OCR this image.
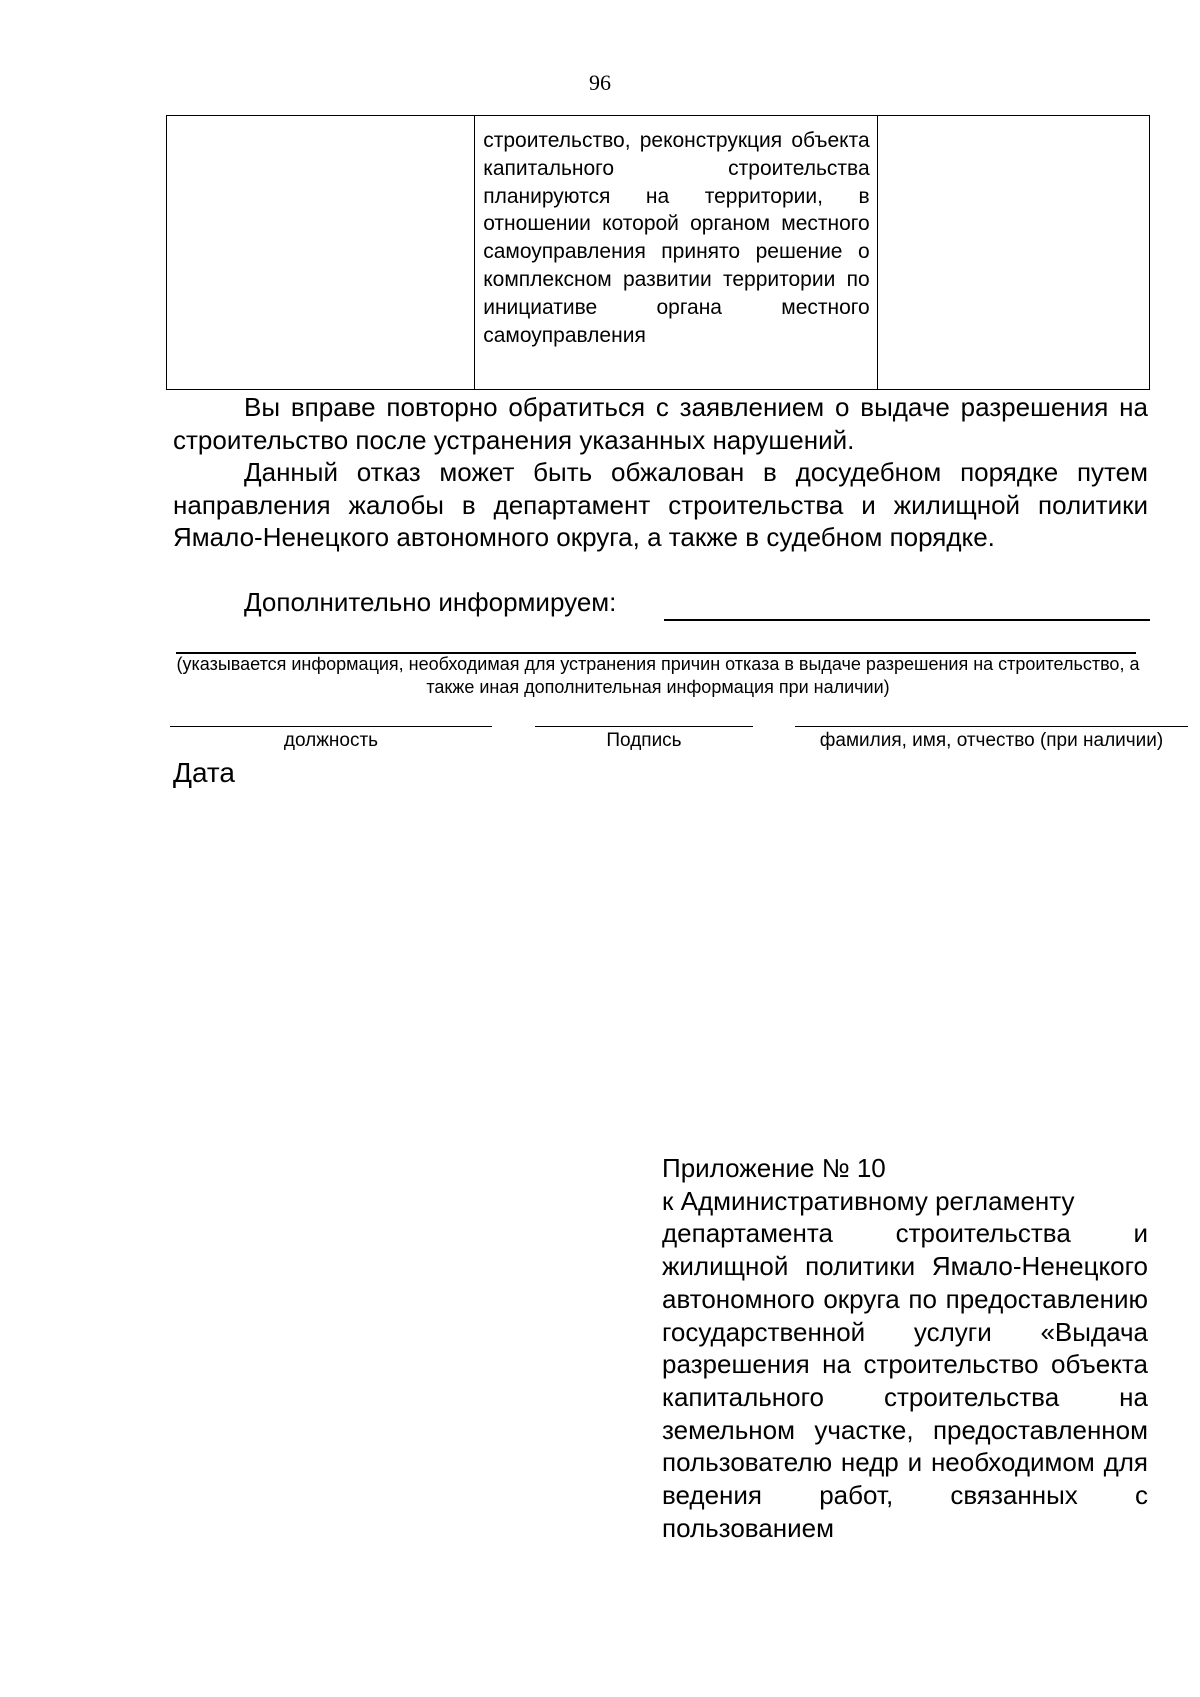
96

строительство, реконструкция объекта капитального строительства планируются на территории, в отношении которой органом местного самоуправления принято решение о комплексном развитии территории по инициативе органа местного самоуправления

Вы вправе повторно обратиться с заявлением о выдаче разрешения на строительство после устранения указанных нарушений.

Данный отказ может быть обжалован в досудебном порядке путем направления жалобы в департамент строительства и жилищной политики Ямало-Ненецкого автономного округа, а также в судебном порядке.

Дополнительно информируем:

(указывается информация, необходимая для устранения причин отказа в выдаче разрешения на строительство, а также иная дополнительная информация при наличии)
должность	Подпись	фамилия, имя, отчество (при наличии)
Дата
Приложение № 10
к Административному регламенту

департамента строительства и жилищной политики Ямало-Ненецкого автономного округа по предоставлению государственной услуги «Выдача разрешения на строительство объекта капитального строительства на земельном участке, предоставленном пользователю недр и необходимом для ведения работ, связанных с пользованием
